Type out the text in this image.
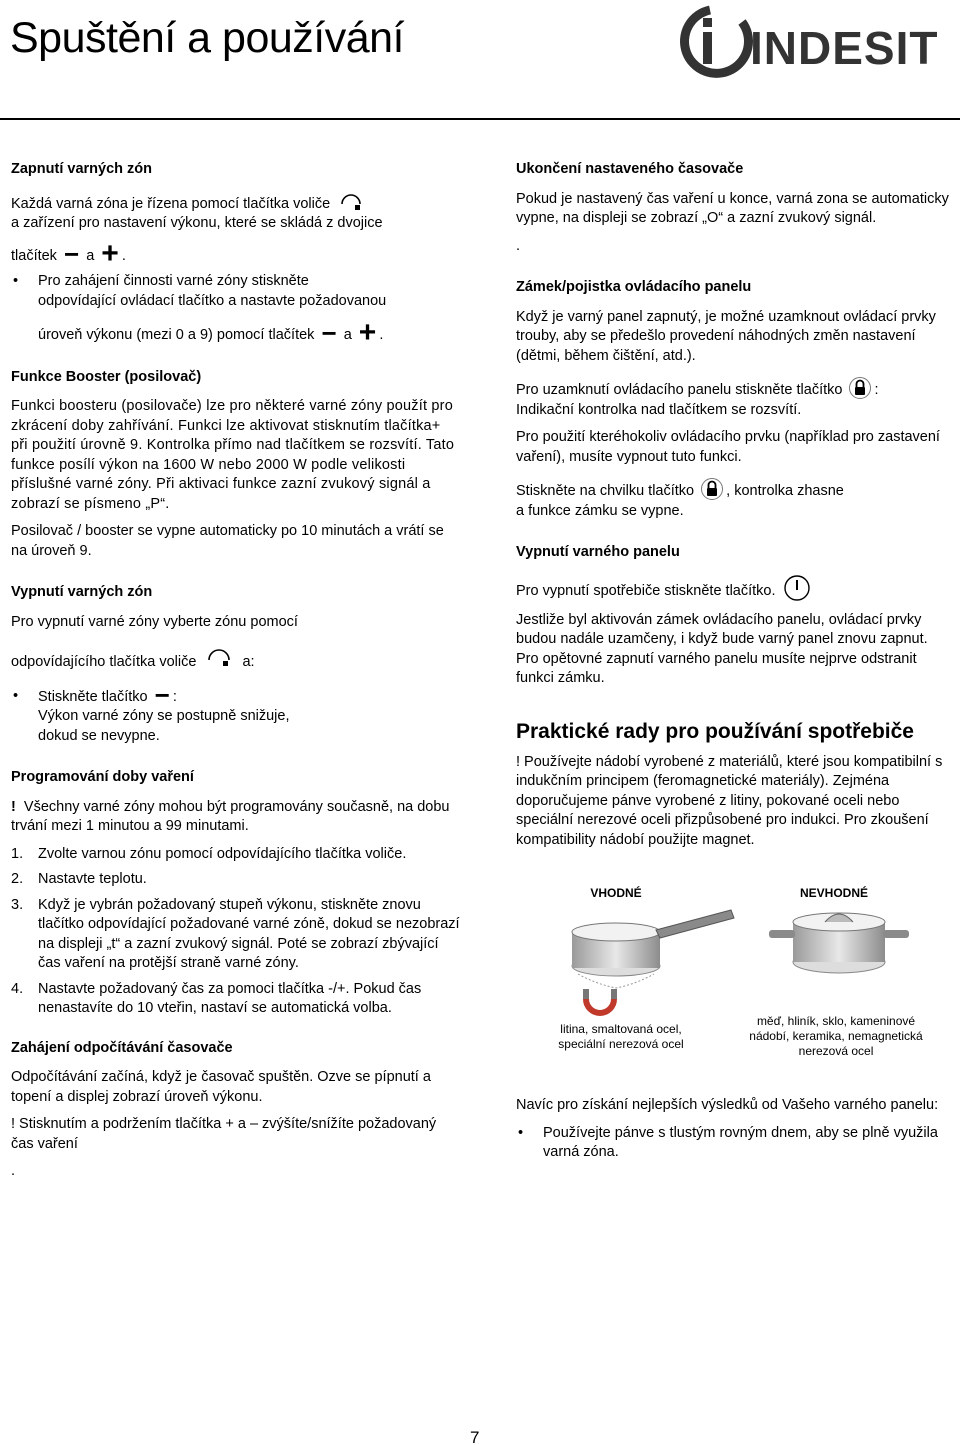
Spuštění a používání	INDESIT
Zapnutí varných zón
Každá varná zóna je řízena pomocí tlačítka voliče
a zařízení pro nastavení výkonu, které se skládá z dvojice
tlačítek − a + .
• Pro zahájení činnosti varné zóny stiskněte
odpovídající ovládací tlačítko a nastavte požadovanou
úroveň výkonu (mezi 0 a 9) pomocí tlačítek − a + .
Funkce Booster (posilovač)
Funkci boosteru (posilovače) lze pro některé varné zóny použít pro zkrácení doby zahřívání. Funkci lze aktivovat stisknutím tlačítka+ při použití úrovně 9. Kontrolka přímo nad tlačítkem se rozsvítí. Tato funkce posílí výkon na 1600 W nebo 2000 W podle velikosti příslušné varné zóny. Při aktivaci funkce zazní zvukový signál a zobrazí se písmeno „P“.
Posilovač / booster se vypne automaticky po 10 minutách a vrátí se na úroveň 9.
Vypnutí varných zón
Pro vypnutí varné zóny vyberte zónu pomocí
odpovídajícího tlačítka voliče	a:
• Stiskněte tlačítko − :
Výkon varné zóny se postupně snižuje,
dokud se nevypne.
Programování doby vaření
! Všechny varné zóny mohou být programovány současně, na dobu trvání mezi 1 minutou a 99 minutami.
1. Zvolte varnou zónu pomocí odpovídajícího tlačítka voliče.
2. Nastavte teplotu.
3. Když je vybrán požadovaný stupeň výkonu, stiskněte znovu tlačítko odpovídající požadované varné zóně, dokud se nezobrazí na displeji „t“ a zazní zvukový signál. Poté se zobrazí zbývající čas vaření na protější straně varné zóny.
4. Nastavte požadovaný čas za pomoci tlačítka -/+. Pokud čas nenastavíte do 10 vteřin, nastaví se automatická volba.
Zahájení odpočítávání časovače
Odpočítávání začíná, když je časovač spuštěn. Ozve se pípnutí a topení a displej zobrazí úroveň výkonu.
! Stisknutím a podržením tlačítka + a – zvýšíte/snížíte požadovaný čas vaření
.
Ukončení nastaveného časovače
Pokud je nastavený čas vaření u konce, varná zona se automaticky vypne, na displeji se zobrazí „O“ a zazní zvukový signál.
.
Zámek/pojistka ovládacího panelu
Když je varný panel zapnutý, je možné uzamknout ovládací prvky trouby, aby se předešlo provedení náhodných změn nastavení (dětmi, během čištění, atd.).
Pro uzamknutí ovládacího panelu stiskněte tlačítko :
Indikační kontrolka nad tlačítkem se rozsvítí.
Pro použití kteréhokoliv ovládacího prvku (například pro zastavení vaření), musíte vypnout tuto funkci.
Stiskněte na chvilku tlačítko , kontrolka zhasne
a funkce zámku se vypne.
Vypnutí varného panelu
Pro vypnutí spotřebiče stiskněte tlačítko.
Jestliže byl aktivován zámek ovládacího panelu, ovládací prvky budou nadále uzamčeny, i když bude varný panel znovu zapnut. Pro opětovné zapnutí varného panelu musíte nejprve odstranit funkci zámku.
Praktické rady pro používání spotřebiče
! Používejte nádobí vyrobené z materiálů, které jsou kompatibilní s indukčním principem (feromagnetické materiály). Zejména doporučujeme pánve vyrobené z litiny, pokované oceli nebo speciální nerezové oceli přizpůsobené pro indukci. Pro zkoušení kompatibility nádobí použijte magnet.
VHODNÉ	NEVHODNÉ
litina, smaltovaná ocel, speciální nerezová ocel
měď, hliník, sklo, kameninové nádobí, keramika, nemagnetická nerezová ocel
Navíc pro získání nejlepších výsledků od Vašeho varného panelu:
• Používejte pánve s tlustým rovným dnem, aby se plně využila varná zóna.
7
